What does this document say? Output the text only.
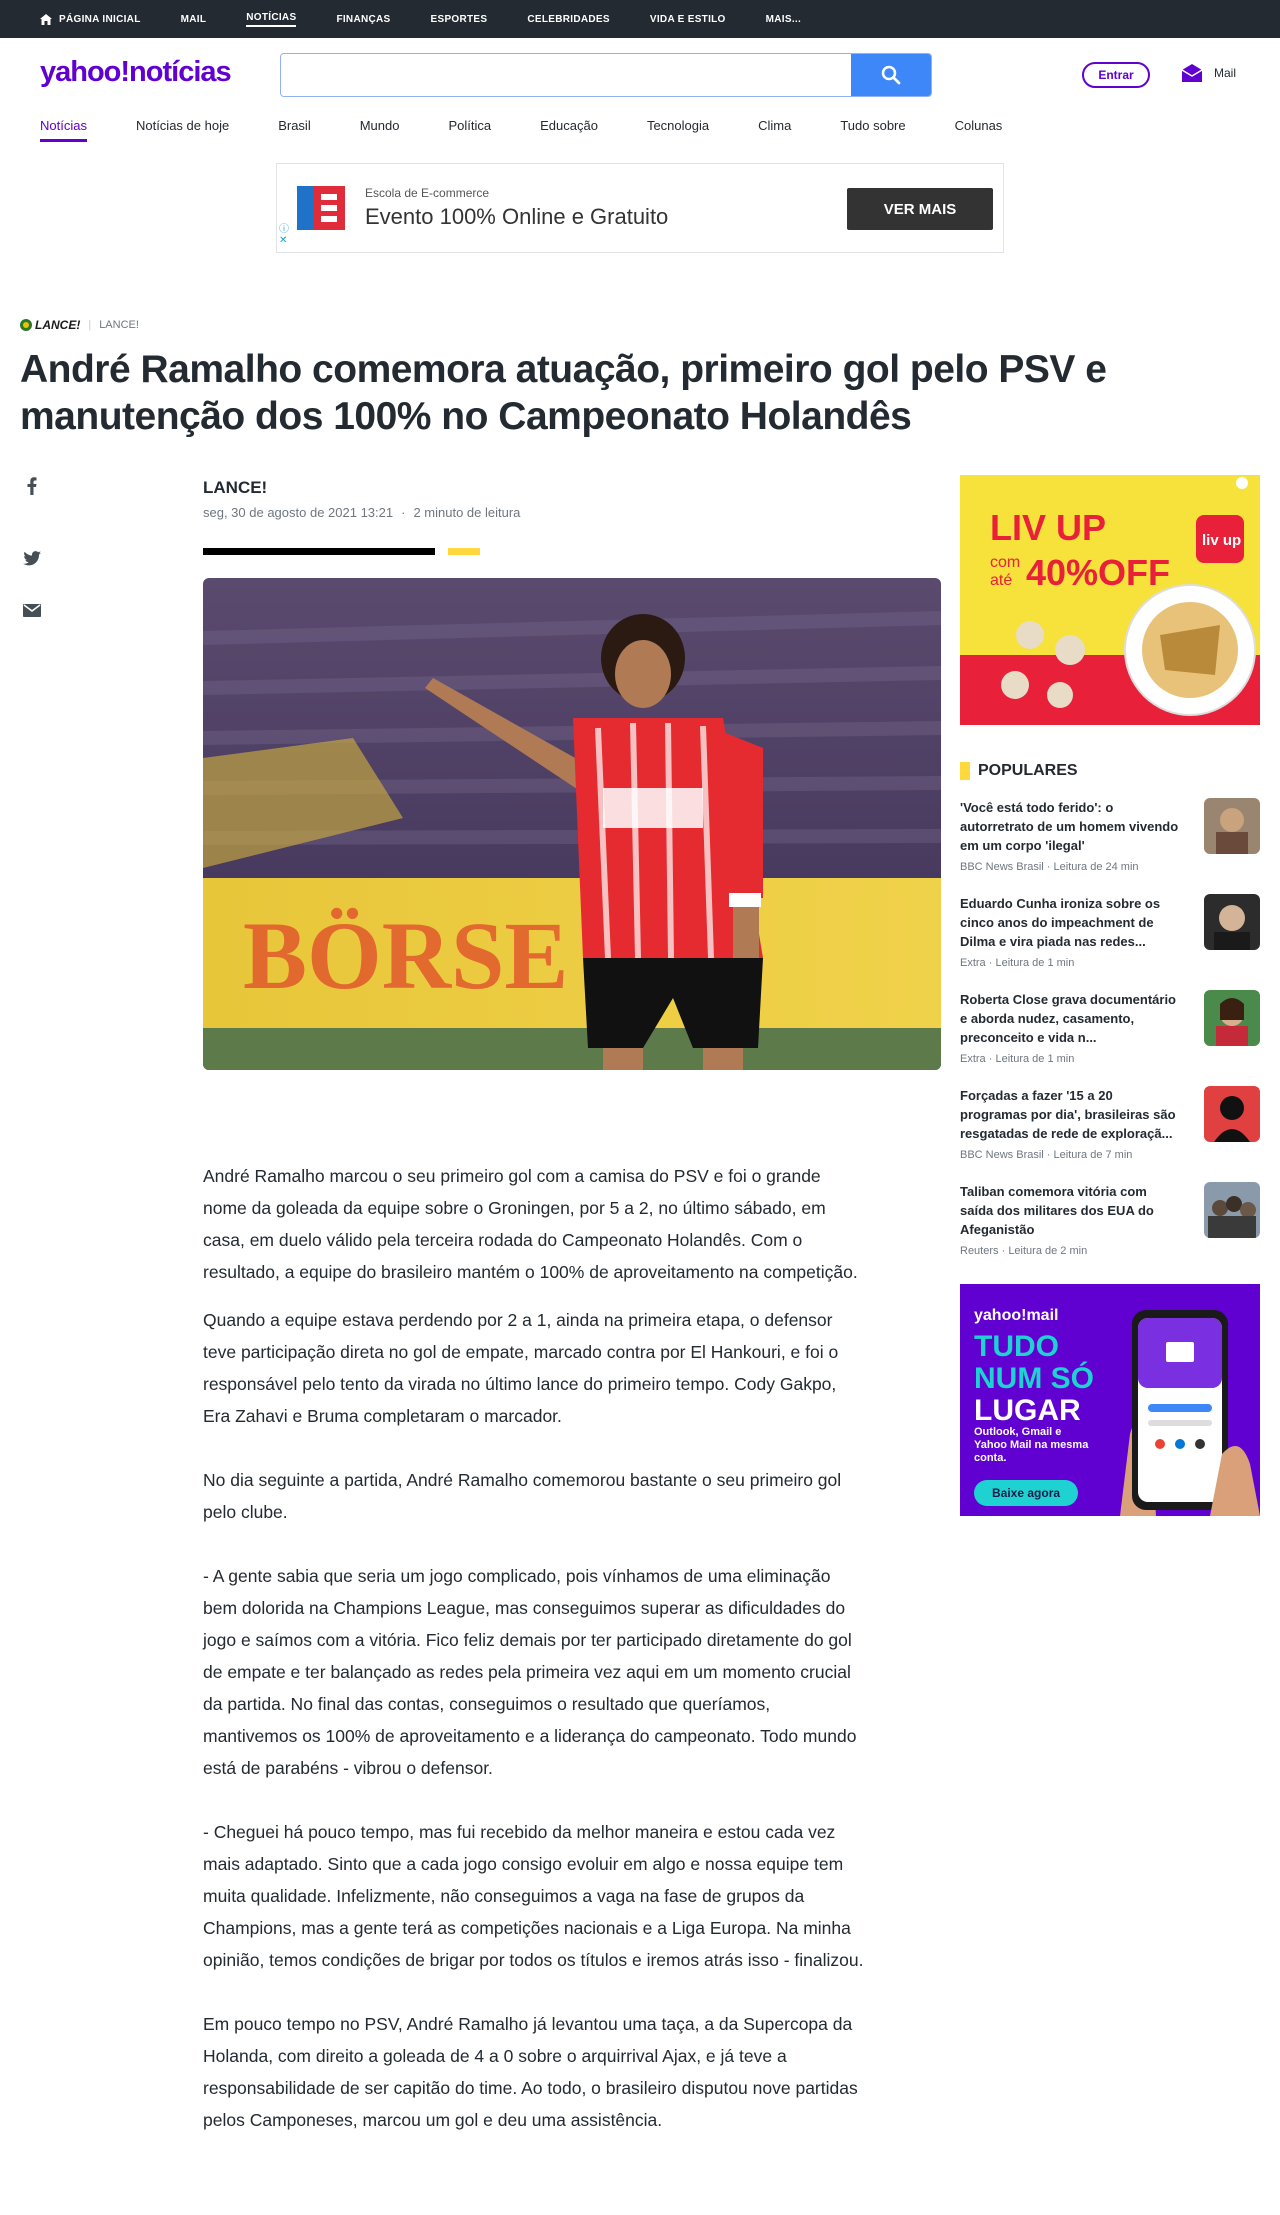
PÁGINA INICIAL	MAIL	NOTÍCIAS	FINANÇAS	ESPORTES	CELEBRIDADES	VIDA E ESTILO	MAIS...
yahoo!notícias	Entrar	Mail
Notícias	Notícias de hoje	Brasil	Mundo	Política	Educação	Tecnologia	Clima	Tudo sobre	Colunas
Escola de E-commerce
Evento 100% Online e Gratuito	VER MAIS
ⓘ
✕
LANCE! | LANCE!
André Ramalho comemora atuação, primeiro gol pelo PSV e manutenção dos 100% no Campeonato Holandês
LANCE!
seg, 30 de agosto de 2021 13:21 · 2 minuto de leitura
BÖRSE

André Ramalho marcou o seu primeiro gol com a camisa do PSV e foi o grande nome da goleada da equipe sobre o Groningen, por 5 a 2, no último sábado, em casa, em duelo válido pela terceira rodada do Campeonato Holandês. Com o resultado, a equipe do brasileiro mantém o 100% de aproveitamento na competição.

Quando a equipe estava perdendo por 2 a 1, ainda na primeira etapa, o defensor teve participação direta no gol de empate, marcado contra por El Hankouri, e foi o responsável pelo tento da virada no último lance do primeiro tempo. Cody Gakpo, Era Zahavi e Bruma completaram o marcador.

No dia seguinte a partida, André Ramalho comemorou bastante o seu primeiro gol pelo clube.

- A gente sabia que seria um jogo complicado, pois vínhamos de uma eliminação bem dolorida na Champions League, mas conseguimos superar as dificuldades do jogo e saímos com a vitória. Fico feliz demais por ter participado diretamente do gol de empate e ter balançado as redes pela primeira vez aqui em um momento crucial da partida. No final das contas, conseguimos o resultado que queríamos, mantivemos os 100% de aproveitamento e a liderança do campeonato. Todo mundo está de parabéns - vibrou o defensor.

- Cheguei há pouco tempo, mas fui recebido da melhor maneira e estou cada vez mais adaptado. Sinto que a cada jogo consigo evoluir em algo e nossa equipe tem muita qualidade. Infelizmente, não conseguimos a vaga na fase de grupos da Champions, mas a gente terá as competições nacionais e a Liga Europa. Na minha opinião, temos condições de brigar por todos os títulos e iremos atrás isso - finalizou.

Em pouco tempo no PSV, André Ramalho já levantou uma taça, a da Supercopa da Holanda, com direito a goleada de 4 a 0 sobre o arquirrival Ajax, e já teve a responsabilidade de ser capitão do time. Ao todo, o brasileiro disputou nove partidas pelos Camponeses, marcou um gol e deu uma assistência.

LIV UP
com
até 40%OFF
liv up
POPULARES
'Você está todo ferido': o autorretrato de um homem vivendo em um corpo 'ilegal'
BBC News Brasil · Leitura de 24 min
Eduardo Cunha ironiza sobre os cinco anos do impeachment de Dilma e vira piada nas redes...
Extra · Leitura de 1 min
Roberta Close grava documentário e aborda nudez, casamento, preconceito e vida n...
Extra · Leitura de 1 min
Forçadas a fazer '15 a 20 programas por dia', brasileiras são resgatadas de rede de exploraçã...
BBC News Brasil · Leitura de 7 min
Taliban comemora vitória com saída dos militares dos EUA do Afeganistão
Reuters · Leitura de 2 min
yahoo!mail
TUDO
NUM SÓ
LUGAR
Outlook, Gmail e Yahoo Mail na mesma conta.
Baixe agora
